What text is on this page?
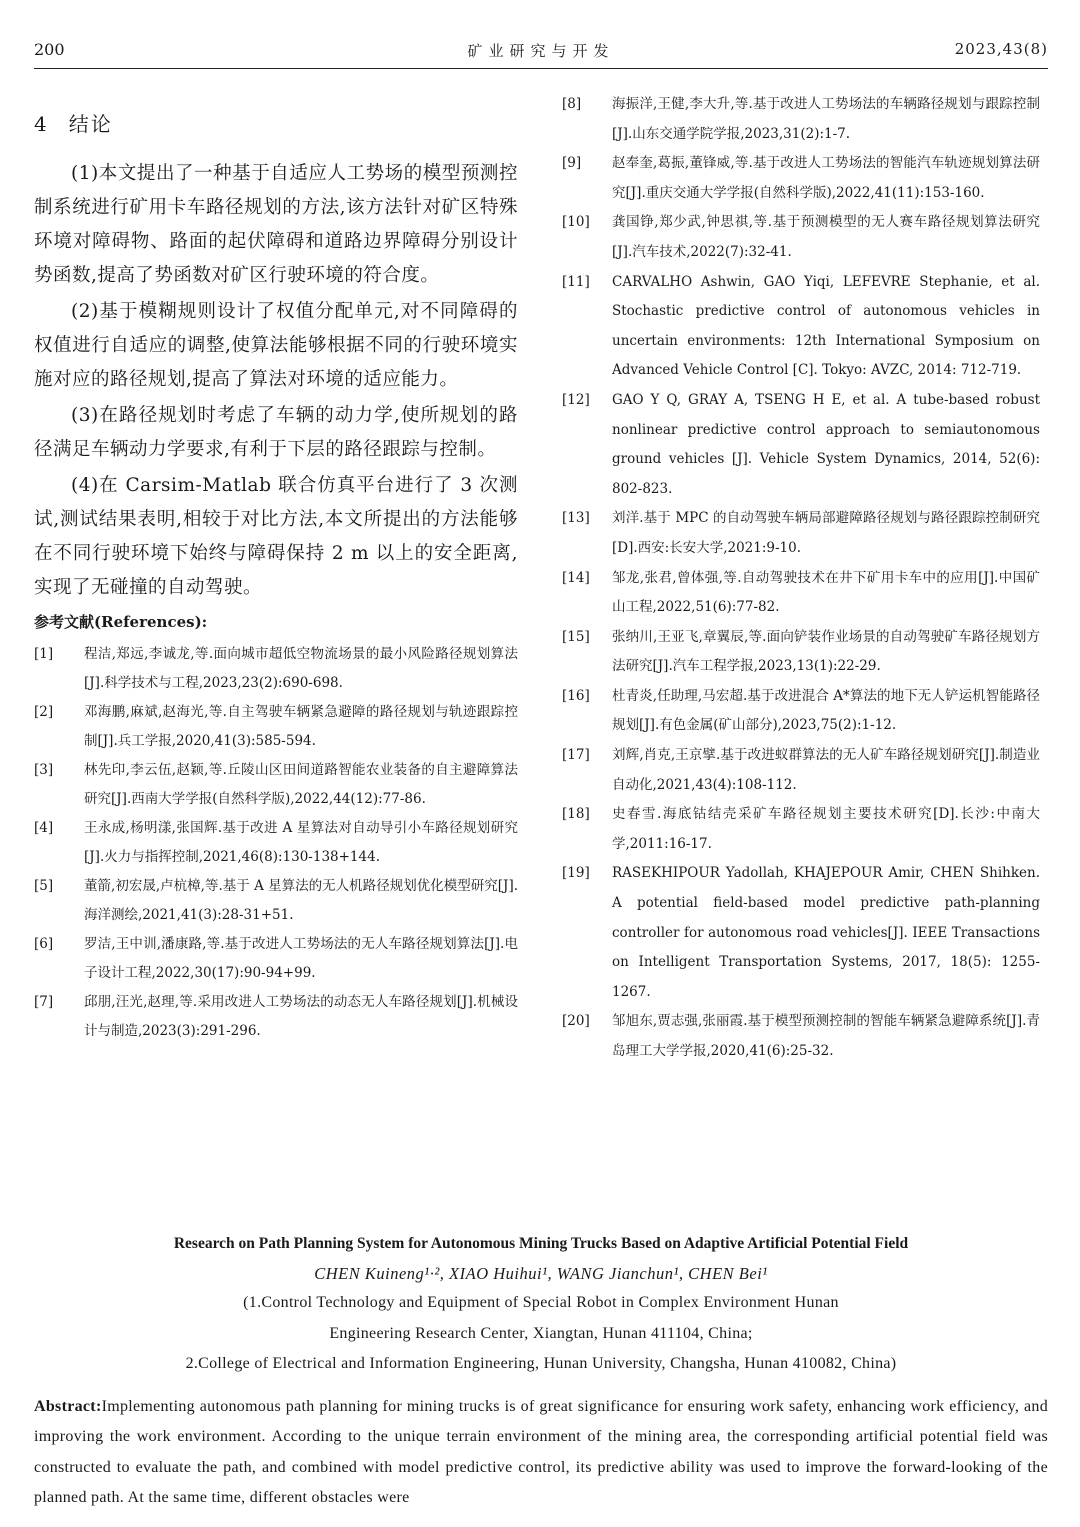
200	矿业研究与开发	2023,43(8)
4 结论

(1)本文提出了一种基于自适应人工势场的模型预测控制系统进行矿用卡车路径规划的方法,该方法针对矿区特殊环境对障碍物、路面的起伏障碍和道路边界障碍分别设计势函数,提高了势函数对矿区行驶环境的符合度。

(2)基于模糊规则设计了权值分配单元,对不同障碍的权值进行自适应的调整,使算法能够根据不同的行驶环境实施对应的路径规划,提高了算法对环境的适应能力。

(3)在路径规划时考虑了车辆的动力学,使所规划的路径满足车辆动力学要求,有利于下层的路径跟踪与控制。

(4)在 Carsim-Matlab 联合仿真平台进行了 3 次测试,测试结果表明,相较于对比方法,本文所提出的方法能够在不同行驶环境下始终与障碍保持 2 m 以上的安全距离,实现了无碰撞的自动驾驶。

参考文献(References):
[1]	程洁,郑远,李诚龙,等.面向城市超低空物流场景的最小风险路径规划算法[J].科学技术与工程,2023,23(2):690-698.
[2]	邓海鹏,麻斌,赵海光,等.自主驾驶车辆紧急避障的路径规划与轨迹跟踪控制[J].兵工学报,2020,41(3):585-594.
[3]	林先印,李云伍,赵颖,等.丘陵山区田间道路智能农业装备的自主避障算法研究[J].西南大学学报(自然科学版),2022,44(12):77-86.
[4]	王永成,杨明漾,张国辉.基于改进 A 星算法对自动导引小车路径规划研究[J].火力与指挥控制,2021,46(8):130-138+144.
[5]	董箭,初宏晟,卢杭樟,等.基于 A 星算法的无人机路径规划优化模型研究[J].海洋测绘,2021,41(3):28-31+51.
[6]	罗洁,王中训,潘康路,等.基于改进人工势场法的无人车路径规划算法[J].电子设计工程,2022,30(17):90-94+99.
[7]	邱朋,汪光,赵理,等.采用改进人工势场法的动态无人车路径规划[J].机械设计与制造,2023(3):291-296.
[8]	海振洋,王健,李大升,等.基于改进人工势场法的车辆路径规划与跟踪控制[J].山东交通学院学报,2023,31(2):1-7.
[9]	赵奉奎,葛振,董锋威,等.基于改进人工势场法的智能汽车轨迹规划算法研究[J].重庆交通大学学报(自然科学版),2022,41(11):153-160.
[10]	龚国铮,郑少武,钟思祺,等.基于预测模型的无人赛车路径规划算法研究[J].汽车技术,2022(7):32-41.
[11]	CARVALHO Ashwin, GAO Yiqi, LEFEVRE Stephanie, et al. Stochastic predictive control of autonomous vehicles in uncertain environments: 12th International Symposium on Advanced Vehicle Control [C]. Tokyo: AVZC, 2014: 712-719.
[12]	GAO Y Q, GRAY A, TSENG H E, et al. A tube-based robust nonlinear predictive control approach to semiautonomous ground vehicles [J]. Vehicle System Dynamics, 2014, 52(6): 802-823.
[13]	刘洋.基于 MPC 的自动驾驶车辆局部避障路径规划与路径跟踪控制研究[D].西安:长安大学,2021:9-10.
[14]	邹龙,张君,曾体强,等.自动驾驶技术在井下矿用卡车中的应用[J].中国矿山工程,2022,51(6):77-82.
[15]	张纳川,王亚飞,章翼辰,等.面向铲装作业场景的自动驾驶矿车路径规划方法研究[J].汽车工程学报,2023,13(1):22-29.
[16]	杜青炎,任助理,马宏超.基于改进混合 A*算法的地下无人铲运机智能路径规划[J].有色金属(矿山部分),2023,75(2):1-12.
[17]	刘辉,肖克,王京擘.基于改进蚁群算法的无人矿车路径规划研究[J].制造业自动化,2021,43(4):108-112.
[18]	史春雪.海底钴结壳采矿车路径规划主要技术研究[D].长沙:中南大学,2011:16-17.
[19]	RASEKHIPOUR Yadollah, KHAJEPOUR Amir, CHEN Shihken. A potential field-based model predictive path-planning controller for autonomous road vehicles[J]. IEEE Transactions on Intelligent Transportation Systems, 2017, 18(5): 1255-1267.
[20]	邹旭东,贾志强,张丽霞.基于模型预测控制的智能车辆紧急避障系统[J].青岛理工大学学报,2020,41(6):25-32.
Research on Path Planning System for Autonomous Mining Trucks Based on Adaptive Artificial Potential Field
CHEN Kuineng¹·², XIAO Huihui¹, WANG Jianchun¹, CHEN Bei¹
(1.Control Technology and Equipment of Special Robot in Complex Environment Hunan
Engineering Research Center, Xiangtan, Hunan 411104, China;
2.College of Electrical and Information Engineering, Hunan University, Changsha, Hunan 410082, China)
Abstract:Implementing autonomous path planning for mining trucks is of great significance for ensuring work safety, enhancing work efficiency, and improving the work environment. According to the unique terrain environment of the mining area, the corresponding artificial potential field was constructed to evaluate the path, and combined with model predictive control, its predictive ability was used to improve the forward-looking of the planned path. At the same time, different obstacles were
